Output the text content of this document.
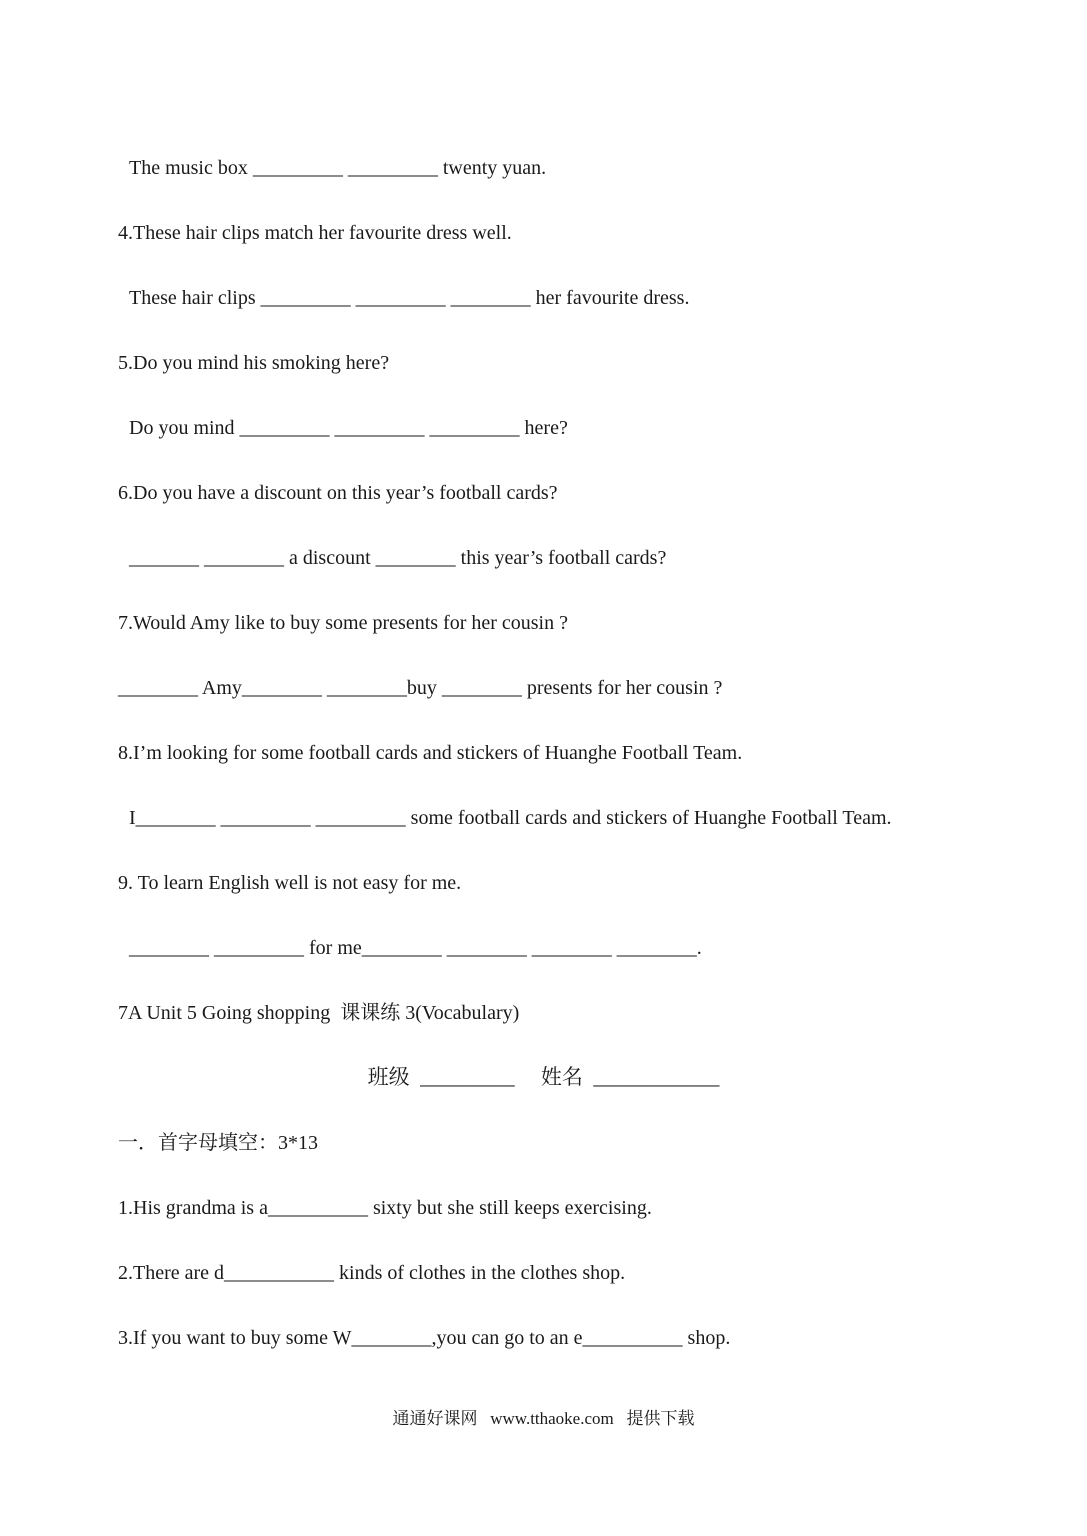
The music box _________ _________ twenty yuan.
4.These hair clips match her favourite dress well.
These hair clips _________ _________ ________ her favourite dress.
5.Do you mind his smoking here?
Do you mind _________ _________ _________ here?
6.Do you have a discount on this year’s football cards?
_______ ________ a discount ________ this year’s football cards?
7.Would Amy like to buy some presents for her cousin ?
________ Amy________ ________buy ________ presents for her cousin ?
8.I’m looking for some football cards and stickers of Huanghe Football Team.
I________ _________ _________ some football cards and stickers of Huanghe Football Team.
9. To learn English well is not easy for me.
________ _________ for me________ ________ ________ ________.
7A Unit 5 Going shopping  课课练 3(Vocabulary)
班级  _________     姓名  ____________
一．首字母填空：3*13
1.His grandma is a__________ sixty but she still keeps exercising.
2.There are d___________ kinds of clothes in the clothes shop.
3.If you want to buy some W________,you can go to an e__________ shop.
通通好课网   www.tthaoke.com   提供下载
